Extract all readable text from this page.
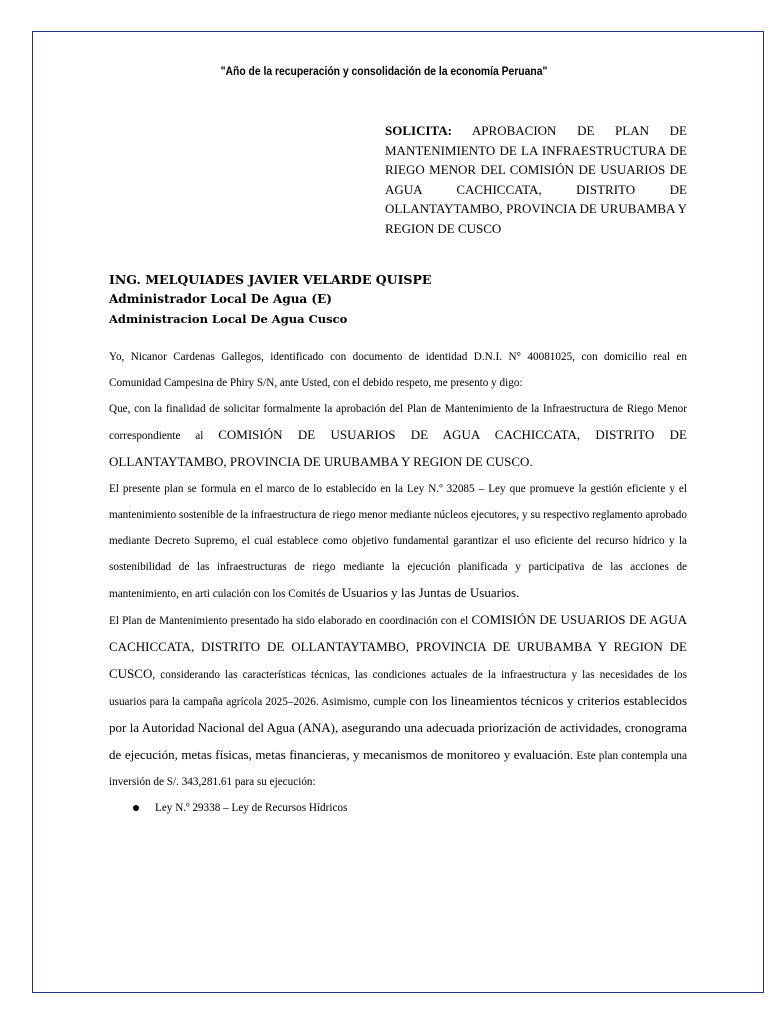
"Año de la recuperación y consolidación de la economía Peruana"
SOLICITA: APROBACION DE PLAN DE MANTENIMIENTO DE LA INFRAESTRUCTURA DE RIEGO MENOR DEL COMISIÓN DE USUARIOS DE AGUA CACHICCATA, DISTRITO DE OLLANTAYTAMBO, PROVINCIA DE URUBAMBA Y REGION DE CUSCO
ING. MELQUIADES JAVIER VELARDE QUISPE
Administrador Local De Agua (E)
Administracion Local De Agua Cusco

Yo, Nicanor Cardenas Gallegos, identificado con documento de identidad D.N.I. N° 40081025, con domicilio real en Comunidad Campesina de Phiry S/N, ante Usted, con el debido respeto, me presento y digo:

Que, con la finalidad de solicitar formalmente la aprobación del Plan de Mantenimiento de la Infraestructura de Riego Menor correspondiente al COMISIÓN DE USUARIOS DE AGUA CACHICCATA, DISTRITO DE OLLANTAYTAMBO, PROVINCIA DE URUBAMBA Y REGION DE CUSCO.

El presente plan se formula en el marco de lo establecido en la Ley N.º 32085 – Ley que promueve la gestión eficiente y el mantenimiento sostenible de la infraestructura de riego menor mediante núcleos ejecutores, y su respectivo reglamento aprobado mediante Decreto Supremo, el cual establece como objetivo fundamental garantizar el uso eficiente del recurso hídrico y la sostenibilidad de las infraestructuras de riego mediante la ejecución planificada y participativa de las acciones de mantenimiento, en arti culación con los Comités de Usuarios y las Juntas de Usuarios.

El Plan de Mantenimiento presentado ha sido elaborado en coordinación con el COMISIÓN DE USUARIOS DE AGUA CACHICCATA, DISTRITO DE OLLANTAYTAMBO, PROVINCIA DE URUBAMBA Y REGION DE CUSCO, considerando las características técnicas, las condiciones actuales de la infraestructura y las necesidades de los usuarios para la campaña agrícola 2025–2026. Asimismo, cumple con los lineamientos técnicos y criterios establecidos por la Autoridad Nacional del Agua (ANA), asegurando una adecuada priorización de actividades, cronograma de ejecución, metas físicas, metas financieras, y mecanismos de monitoreo y evaluación. Este plan contempla una inversión de S/. 343,281.61 para su ejecución:

Ley N.º 29338 – Ley de Recursos Hídricos
